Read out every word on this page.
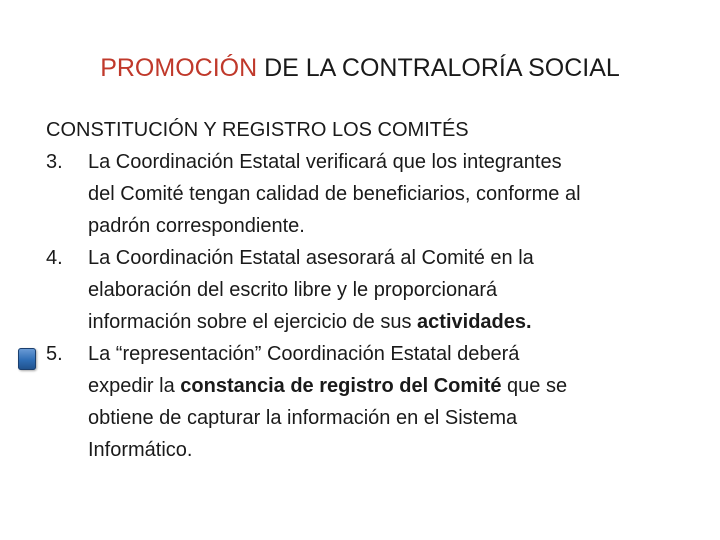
PROMOCIÓN DE LA CONTRALORÍA SOCIAL

CONSTITUCIÓN Y REGISTRO LOS COMITÉS

3. La Coordinación Estatal verificará que los integrantes
del Comité tengan calidad de beneficiarios, conforme al
padrón correspondiente.
4. La Coordinación Estatal asesorará al Comité en la
elaboración del escrito libre y le proporcionará
información sobre el ejercicio de sus actividades.
5. La “representación” Coordinación Estatal deberá
expedir la constancia de registro del Comité que se
obtiene de capturar la información en el Sistema
Informático.
